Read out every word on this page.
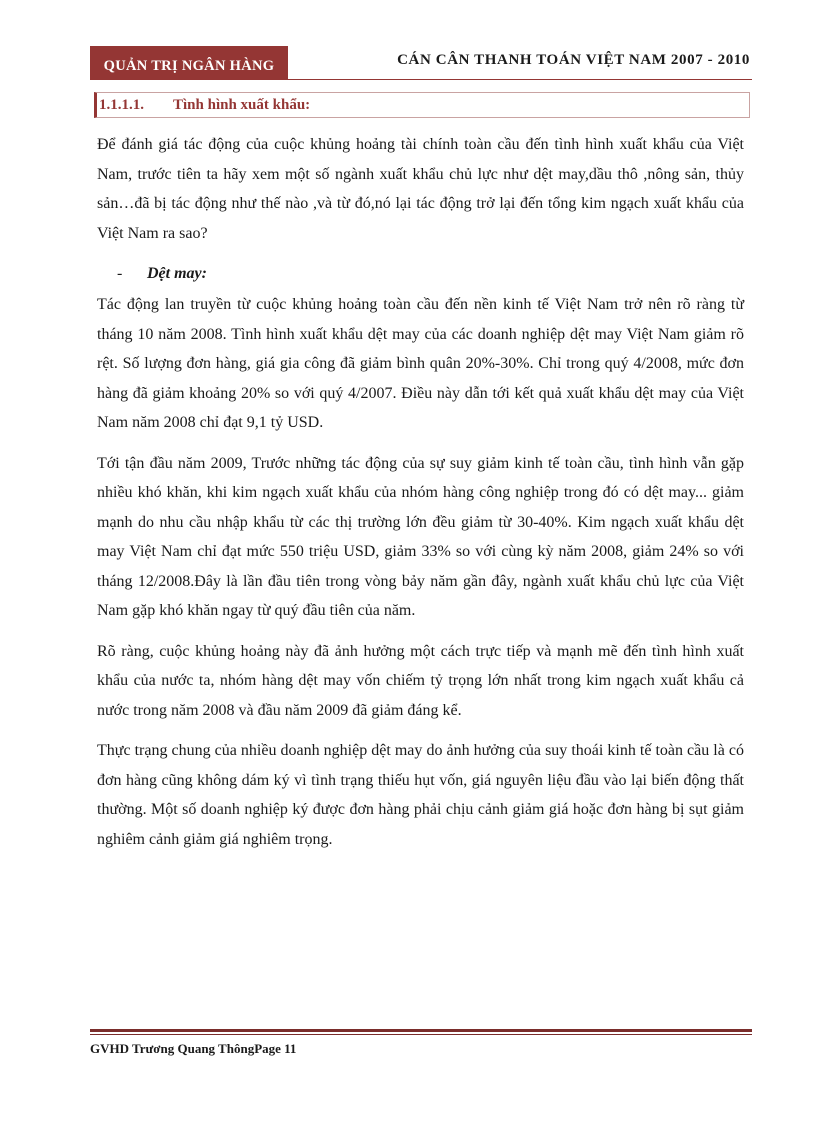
QUẢN TRỊ NGÂN HÀNG	CÁN CÂN THANH TOÁN VIỆT NAM 2007 - 2010
1.1.1.1. Tình hình xuất khẩu:

Để đánh giá tác động của cuộc khủng hoảng tài chính toàn cầu đến tình hình xuất khẩu của Việt Nam, trước tiên ta hãy xem một số ngành xuất khẩu chủ lực như dệt may,dầu thô ,nông sản, thủy sản…đã bị tác động như thế nào ,và từ đó,nó lại tác động trở lại đến tổng kim ngạch xuất khẩu của Việt Nam ra sao?

- Dệt may:

Tác động lan truyền từ cuộc khủng hoảng toàn cầu đến nền kinh tế Việt Nam trở nên rõ ràng từ tháng 10 năm 2008. Tình hình xuất khẩu dệt may của các doanh nghiệp dệt may Việt Nam giảm rõ rệt. Số lượng đơn hàng, giá gia công đã giảm bình quân 20%-30%. Chỉ trong quý 4/2008, mức đơn hàng đã giảm khoảng 20% so với quý 4/2007. Điều này dẫn tới kết quả xuất khẩu dệt may của Việt Nam năm 2008 chỉ đạt 9,1 tỷ USD.

Tới tận đầu năm 2009, Trước những tác động của sự suy giảm kinh tế toàn cầu, tình hình vẫn gặp nhiều khó khăn, khi kim ngạch xuất khẩu của nhóm hàng công nghiệp trong đó có dệt may... giảm mạnh do nhu cầu nhập khẩu từ các thị trường lớn đều giảm từ 30-40%. Kim ngạch xuất khẩu dệt may Việt Nam chỉ đạt mức 550 triệu USD, giảm 33% so với cùng kỳ năm 2008, giảm 24% so với tháng 12/2008.Đây là lần đầu tiên trong vòng bảy năm gần đây, ngành xuất khẩu chủ lực của Việt Nam gặp khó khăn ngay từ quý đầu tiên của năm.

Rõ ràng, cuộc khủng hoảng này đã ảnh hưởng một cách trực tiếp và mạnh mẽ đến tình hình xuất khẩu của nước ta, nhóm hàng dệt may vốn chiếm tỷ trọng lớn nhất trong kim ngạch xuất khẩu cả nước trong năm 2008 và đầu năm 2009 đã giảm đáng kể.

Thực trạng chung của nhiều doanh nghiệp dệt may do ảnh hưởng của suy thoái kinh tế toàn cầu là có đơn hàng cũng không dám ký vì tình trạng thiếu hụt vốn, giá nguyên liệu đầu vào lại biến động thất thường. Một số doanh nghiệp ký được đơn hàng phải chịu cảnh giảm giá hoặc đơn hàng bị sụt giảm nghiêm cảnh giảm giá nghiêm trọng.

GVHD Trương Quang ThôngPage 11
